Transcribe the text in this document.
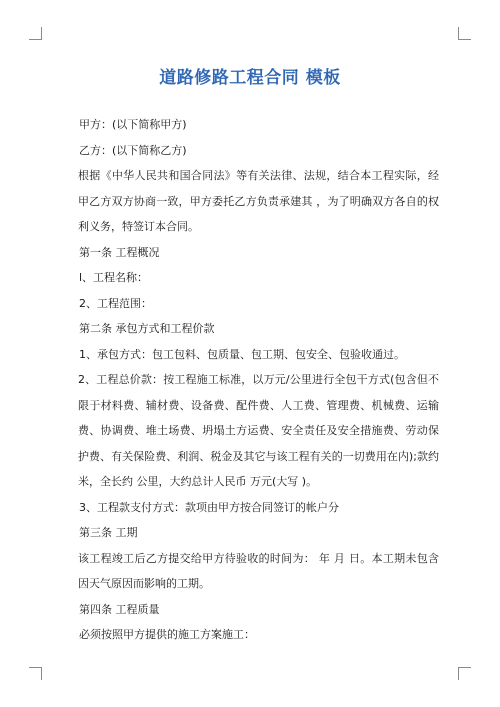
道路修路工程合同 模板

甲方：(以下简称甲方)

乙方：(以下简称乙方)

根据《中华人民共和国合同法》等有关法律、法规，结合本工程实际，经甲乙方双方协商一致，甲方委托乙方负责承建其 ，为了明确双方各自的权利义务，特签订本合同。

第一条 工程概况

l、工程名称：

2、工程范围：

第二条 承包方式和工程价款

1、承包方式：包工包料、包质量、包工期、包安全、包验收通过。

2、工程总价款：按工程施工标准，以万元/公里进行全包干方式(包含但不限于材料费、辅材费、设备费、配件费、人工费、管理费、机械费、运输费、协调费、堆土场费、坍塌土方运费、安全责任及安全措施费、劳动保护费、有关保险费、利润、税金及其它与该工程有关的一切费用在内);款约 米，全长约 公里，大约总计人民币 万元(大写 )。

3、工程款支付方式：款项由甲方按合同签订的帐户分

第三条 工期

该工程竣工后乙方提交给甲方待验收的时间为： 年 月 日。本工期未包含因天气原因而影响的工期。

第四条 工程质量

必须按照甲方提供的施工方案施工：
